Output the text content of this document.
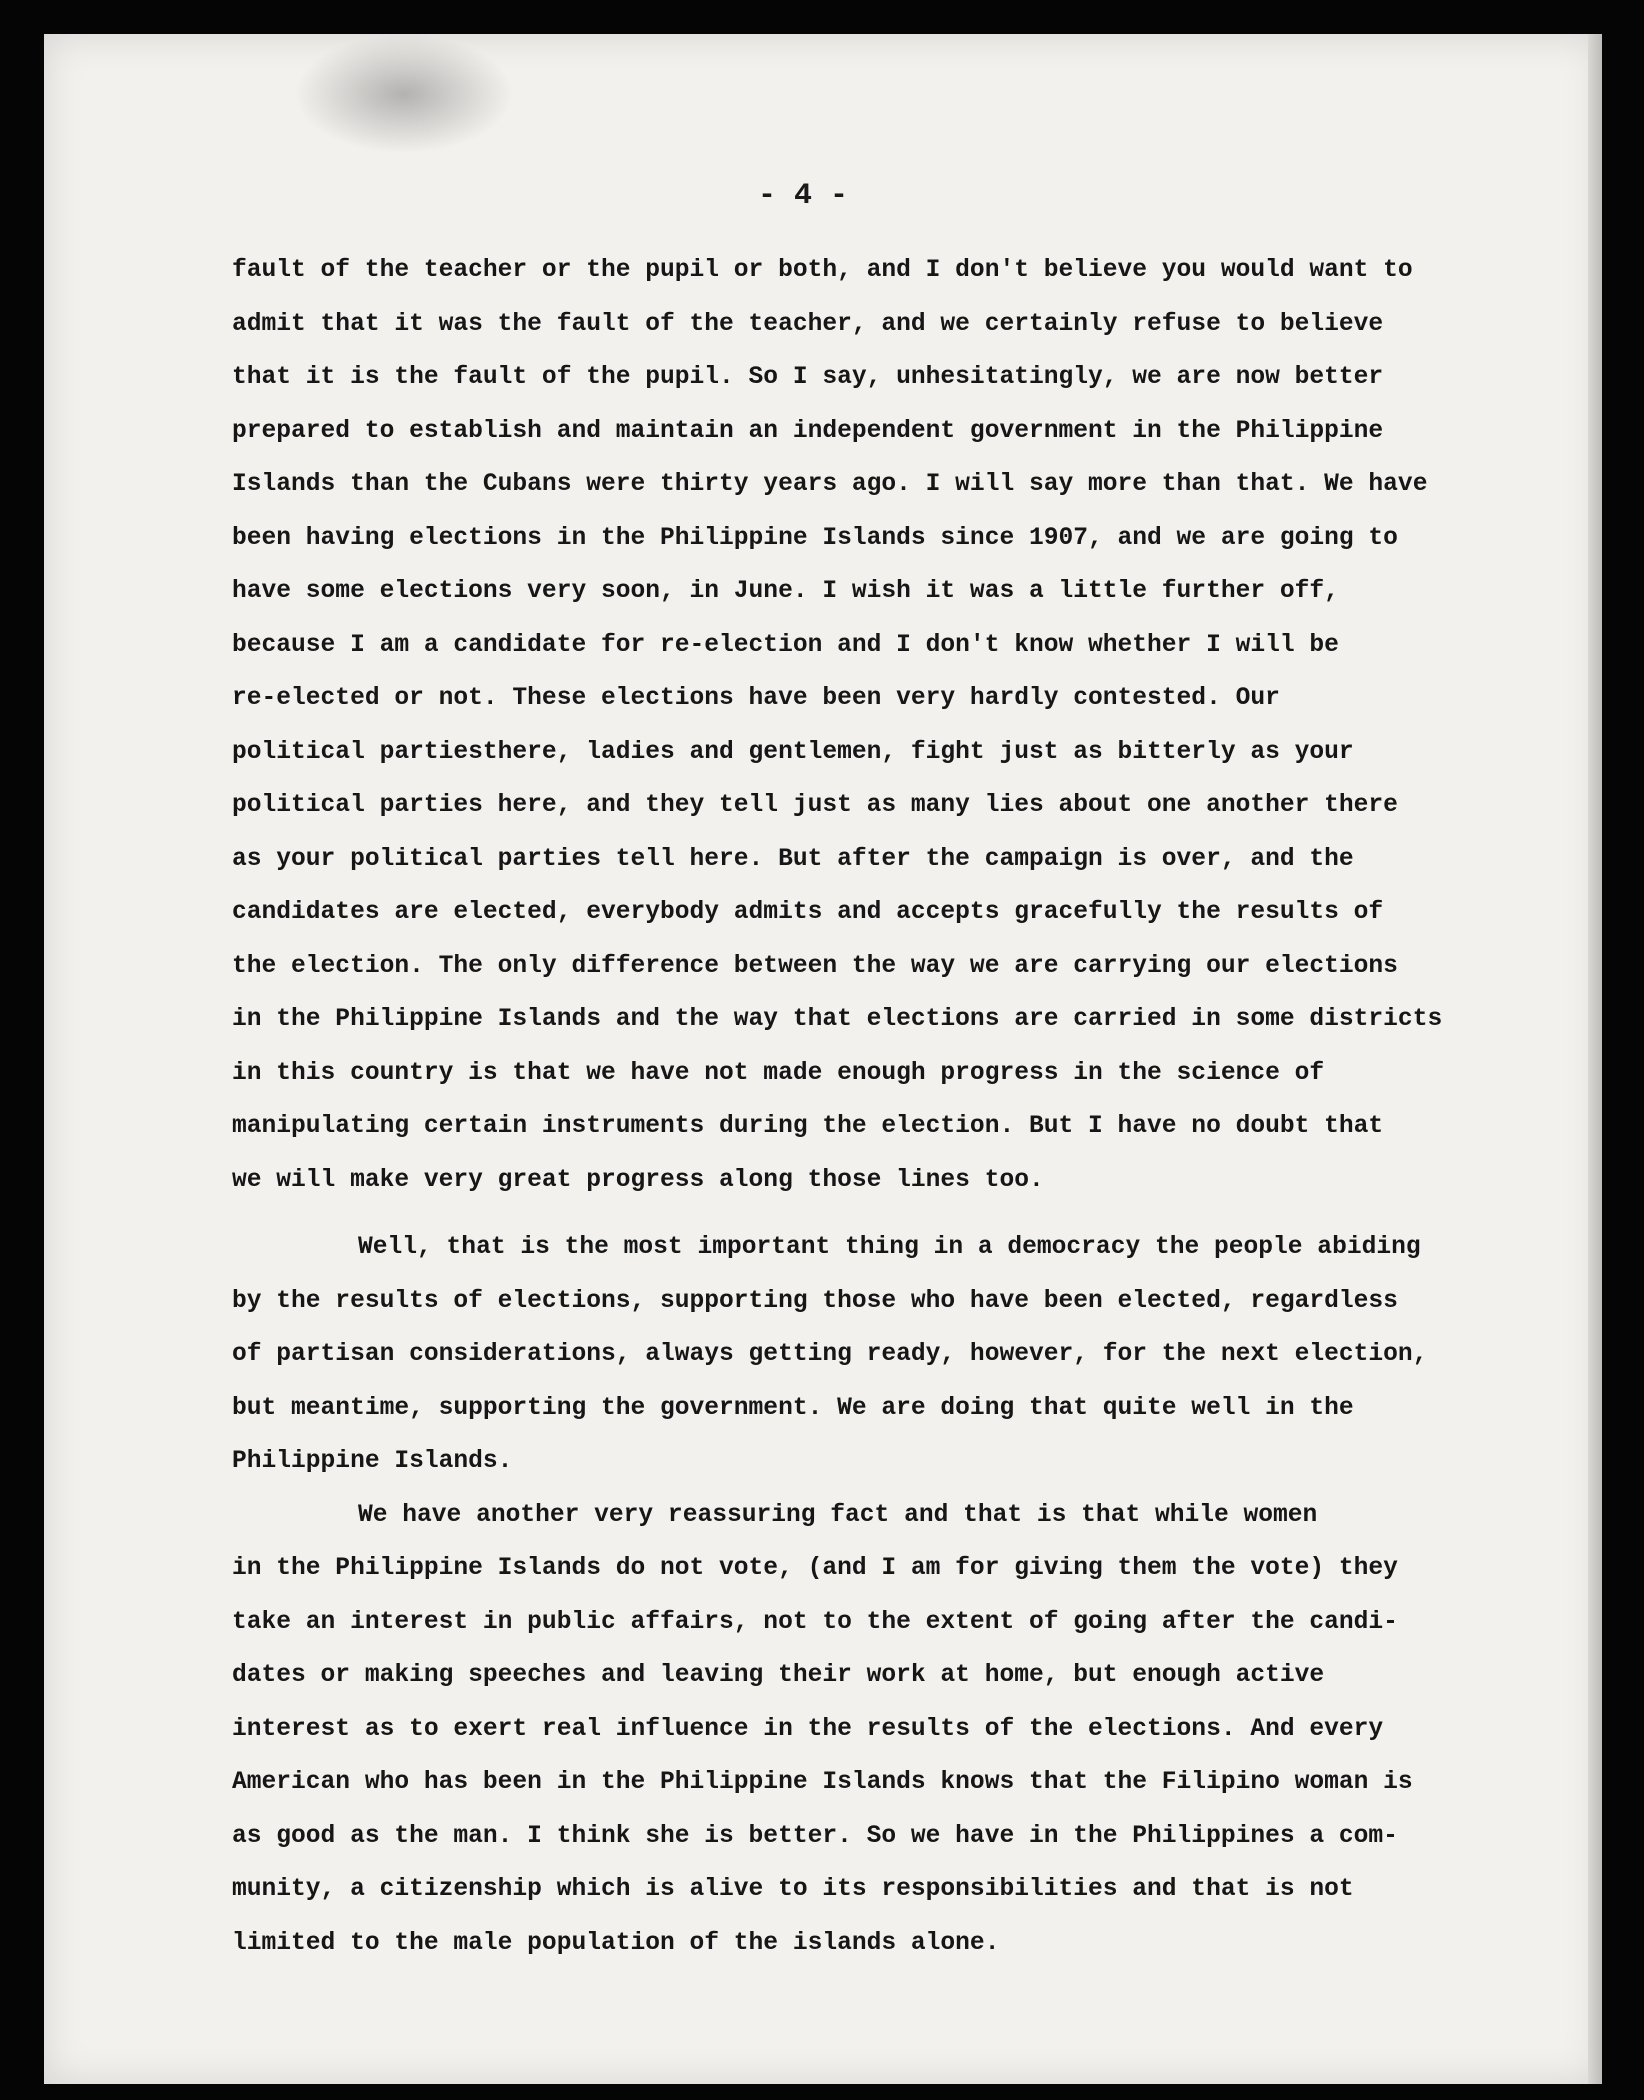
- 4 -
fault of the teacher or the pupil or both, and I don't believe you would want to
admit that it was the fault of the teacher, and we certainly refuse to believe
that it is the fault of the pupil. So I say, unhesitatingly, we are now better
prepared to establish and maintain an independent government in the Philippine
Islands than the Cubans were thirty years ago. I will say more than that. We have
been having elections in the Philippine Islands since 1907, and we are going to
have some elections very soon, in June. I wish it was a little further off,
because I am a candidate for re-election and I don't know whether I will be
re-elected or not. These elections have been very hardly contested. Our
political partiesthere, ladies and gentlemen, fight just as bitterly as your
political parties here, and they tell just as many lies about one another there
as your political parties tell here. But after the campaign is over, and the
candidates are elected, everybody admits and accepts gracefully the results of
the election. The only difference between the way we are carrying our elections
in the Philippine Islands and the way that elections are carried in some districts
in this country is that we have not made enough progress in the science of
manipulating certain instruments during the election. But I have no doubt that
we will make very great progress along those lines too.
Well, that is the most important thing in a democracy the people abiding
by the results of elections, supporting those who have been elected, regardless
of partisan considerations, always getting ready, however, for the next election,
but meantime, supporting the government. We are doing that quite well in the
Philippine Islands.
We have another very reassuring fact and that is that while women
in the Philippine Islands do not vote, (and I am for giving them the vote) they
take an interest in public affairs, not to the extent of going after the candi-
dates or making speeches and leaving their work at home, but enough active
interest as to exert real influence in the results of the elections. And every
American who has been in the Philippine Islands knows that the Filipino woman is
as good as the man. I think she is better. So we have in the Philippines a com-
munity, a citizenship which is alive to its responsibilities and that is not
limited to the male population of the islands alone.
